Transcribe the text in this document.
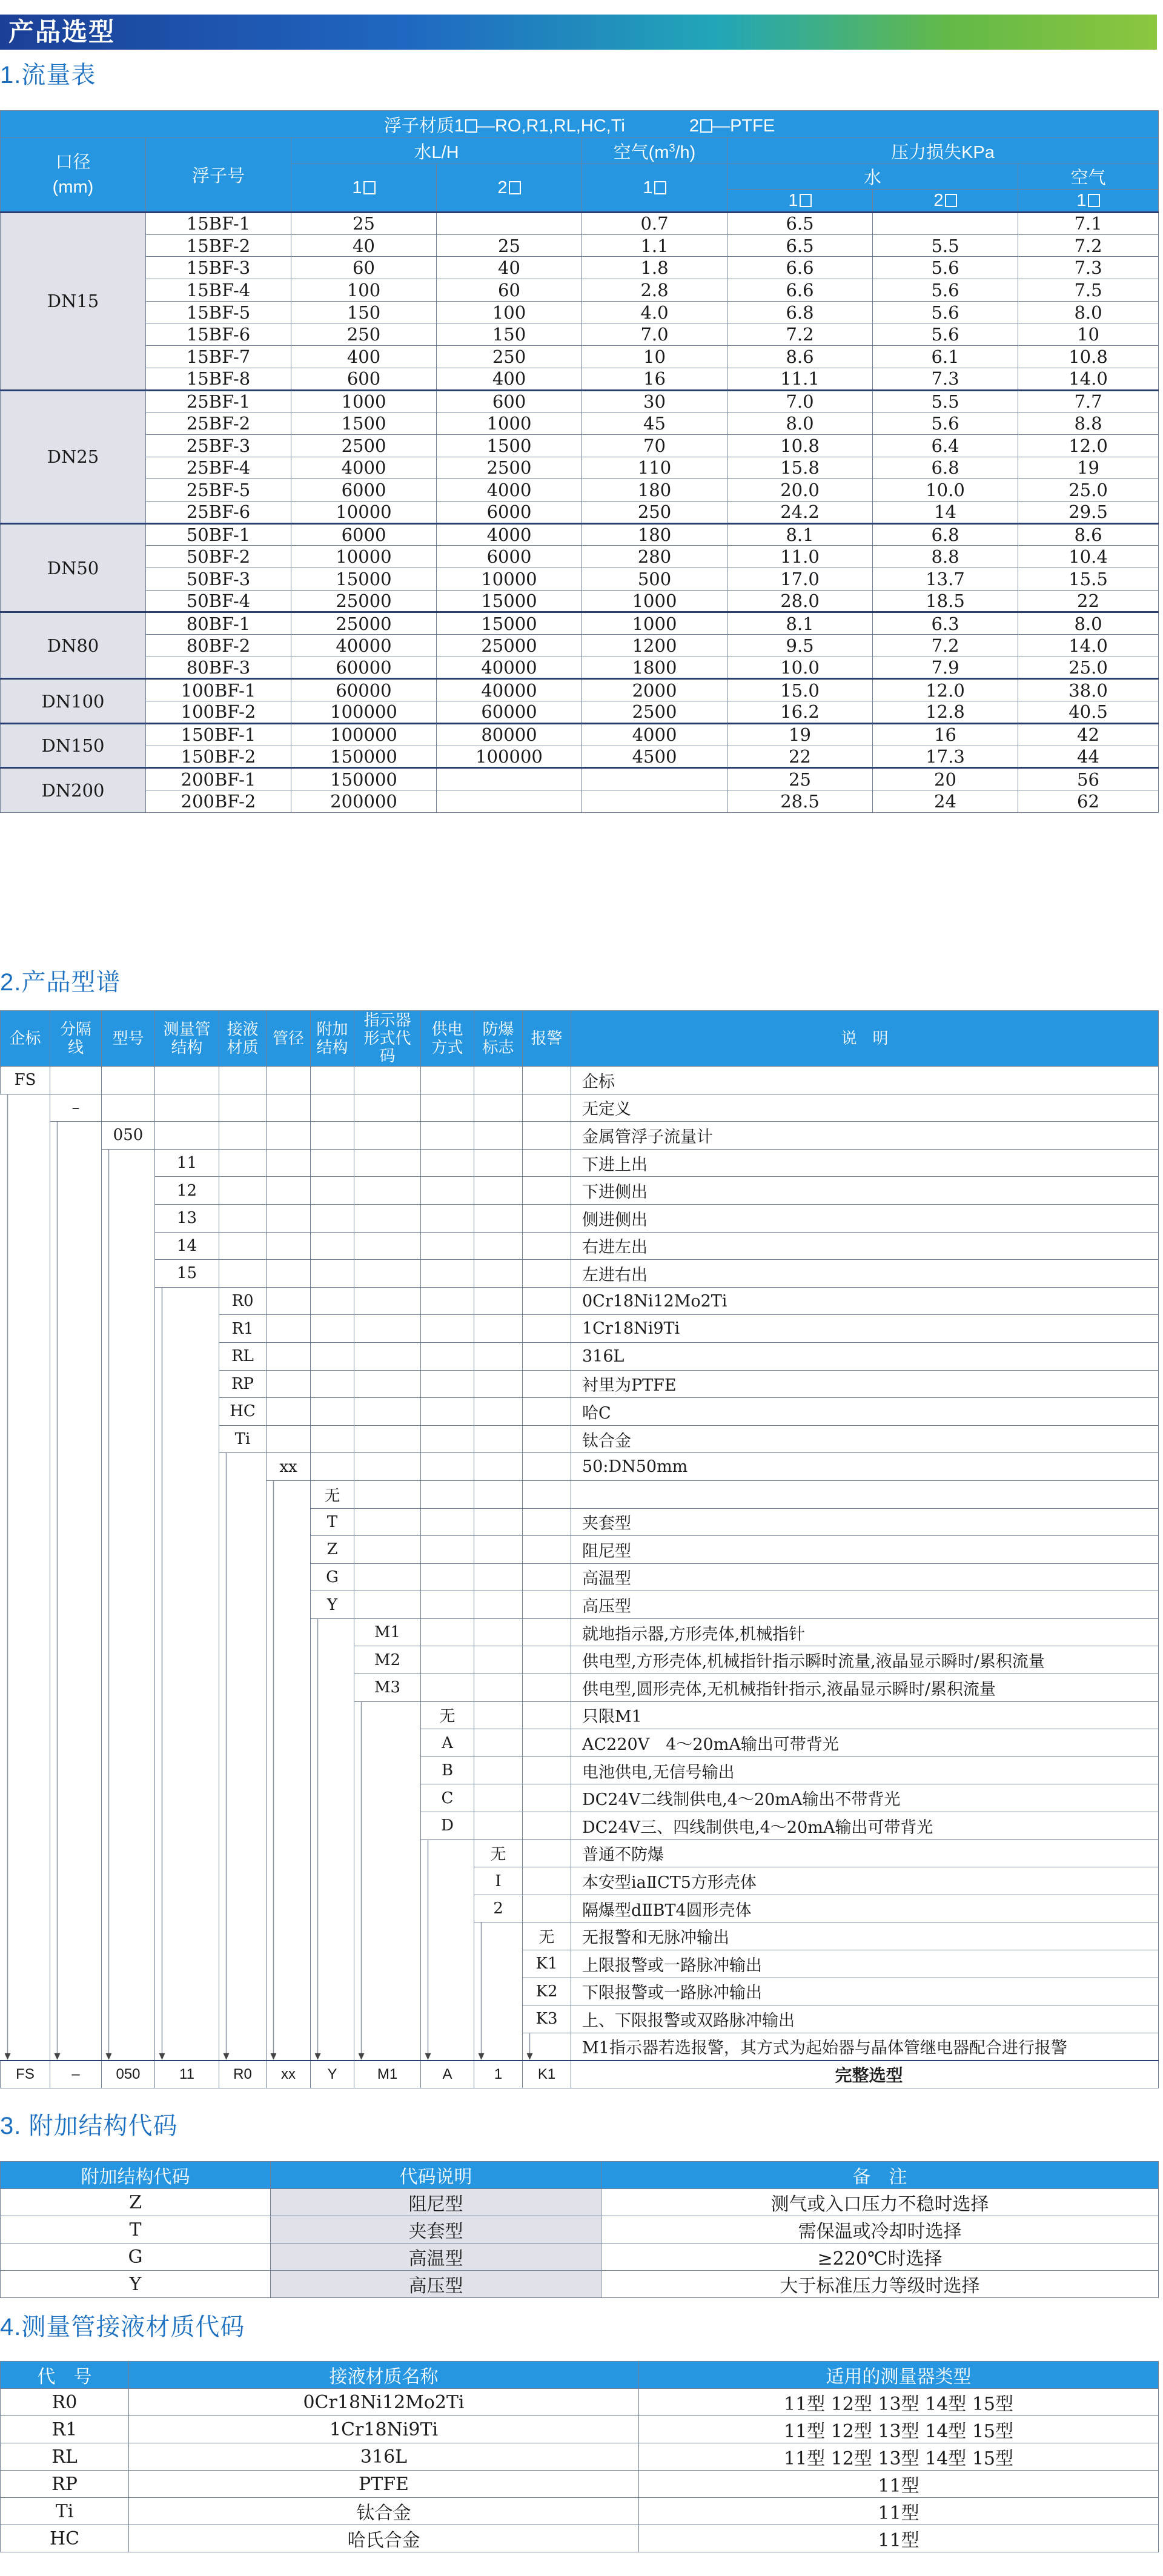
产品选型
1.流量表
浮子材质1 —RO,R1,RL,HC,Ti 2 —PTFE							

口径
(mm)	浮子号	水L/H		空气$(m^3/h)$	压力损失KPa		
		1	2	1	水		空气
					1	2	1
DN15	15BF-1	25		0.7	6.5		7.1
	15BF-2	40	25	1.1	6.5	5.5	7.2
	15BF-3	60	40	1.8	6.6	5.6	7.3
	15BF-4	100	60	2.8	6.6	5.6	7.5
	15BF-5	150	100	4.0	6.8	5.6	8.0
	15BF-6	250	150	7.0	7.2	5.6	10
	15BF-7	400	250	10	8.6	6.1	10.8
	15BF-8	600	400	16	11.1	7.3	14.0
DN25	25BF-1	1000	600	30	7.0	5.5	7.7
	25BF-2	1500	1000	45	8.0	5.6	8.8
	25BF-3	2500	1500	70	10.8	6.4	12.0
	25BF-4	4000	2500	110	15.8	6.8	19
	25BF-5	6000	4000	180	20.0	10.0	25.0
	25BF-6	10000	6000	250	24.2	14	29.5
DN50	50BF-1	6000	4000	180	8.1	6.8	8.6
	50BF-2	10000	6000	280	11.0	8.8	10.4
	50BF-3	15000	10000	500	17.0	13.7	15.5
	50BF-4	25000	15000	1000	28.0	18.5	22
DN80	80BF-1	25000	15000	1000	8.1	6.3	8.0
	80BF-2	40000	25000	1200	9.5	7.2	14.0
	80BF-3	60000	40000	1800	10.0	7.9	25.0
DN100	100BF-1	60000	40000	2000	15.0	12.0	38.0
	100BF-2	100000	60000	2500	16.2	12.8	40.5
DN150	150BF-1	100000	80000	4000	19	16	42
	150BF-2	150000	100000	4500	22	17.3	44
DN200	200BF-1	150000			25	20	56
	200BF-2	200000			28.5	24	62
2.产品型谱
企标	分隔线	型号	测量管结构	接液材质	管径	附加结构	指示器形式代码	供电方式	防爆标志	报警	说　明
FS											企标
	–										无定义
		050									金属管浮子流量计
			11								下进上出
			12								下进侧出
			13								侧进侧出
			14								右进左出
			15								左进右出
				R0							0Cr18Ni12Mo2Ti
				R1							1Cr18Ni9Ti
				RL							316L
				RP							衬里为PTFE
				HC							哈C
				Ti							钛合金
					xx						50:DN50mm
						无					
						T					夹套型
						Z					阻尼型
						G					高温型
						Y					高压型
							M1				就地指示器,方形壳体,机械指针
							M2				供电型,方形壳体,机械指针指示瞬时流量,液晶显示瞬时/累积流量
							M3				供电型,圆形壳体,无机械指针指示,液晶显示瞬时/累积流量
								无			只限M1
								A			AC220V　4～20mA输出可带背光
								B			电池供电,无信号输出
								C			DC24V二线制供电,4～20mA输出不带背光
								D			DC24V三、四线制供电,4～20mA输出可带背光
									无		普通不防爆
									I		本安型iaⅡCT5方形壳体
									2		隔爆型dⅡBT4圆形壳体
										无	无报警和无脉冲输出
										K1	上限报警或一路脉冲输出
										K2	下限报警或一路脉冲输出
										K3	上、下限报警或双路脉冲输出
											M1指示器若选报警，其方式为起始器与晶体管继电器配合进行报警
FS	–	050	11	R0	xx	Y	M1	A	1	K1	完整选型
3. 附加结构代码
附加结构代码	代码说明	备　注
Z	阻尼型	测气或入口压力不稳时选择
T	夹套型	需保温或冷却时选择
G	高温型	≥220℃时选择
Y	高压型	大于标准压力等级时选择
4.测量管接液材质代码
代　号	接液材质名称	适用的测量器类型
R0	0Cr18Ni12Mo2Ti	11型 12型 13型 14型 15型
R1	1Cr18Ni9Ti	11型 12型 13型 14型 15型
RL	316L	11型 12型 13型 14型 15型
RP	PTFE	11型
Ti	钛合金	11型
HC	哈氏合金	11型
